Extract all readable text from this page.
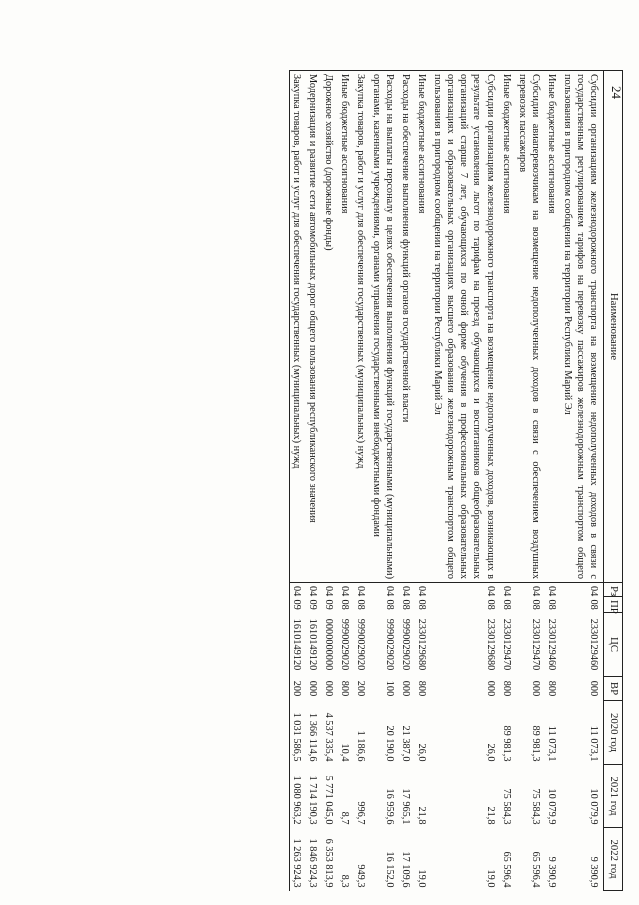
24
Наименование	Рз	ПР	ЦС	ВР	2020 год	2021 год	2022 год
Субсидии организациям железнодорожного транспорта на возмещение недополученных доходов в связи с государственным регулированием тарифов на перевозку пассажиров железнодорожным транспортом общего пользования в пригородном сообщении на территории Республики Марий Эл	04	08	2330129460	000	11 073,1	10 079,9	9 390,9
Иные бюджетные ассигнования	04	08	2330129460	800	11 073,1	10 079,9	9 390,9
Субсидии авиаперевозчикам на возмещение недополученных доходов в связи с обеспечением воздушных перевозок пассажиров	04	08	2330129470	000	89 981,3	75 584,3	65 596,4
Иные бюджетные ассигнования	04	08	2330129470	800	89 981,3	75 584,3	65 596,4
Субсидии организациям железнодорожного транспорта на возмещение недополученных доходов, возникающих в результате установления льгот по тарифам на проезд обучающихся и воспитанников общеобразовательных организаций старше 7 лет, обучающихся по очной форме обучения в профессиональных образовательных организациях и образовательных организациях высшего образования железнодорожным транспортом общего пользования в пригородном сообщении на территории Республики Марий Эл	04	08	2330129680	000	26,0	21,8	19,0
Иные бюджетные ассигнования	04	08	2330129680	800	26,0	21,8	19,0
Расходы на обеспечение выполнения функций органов государственной власти	04	08	9990029020	000	21 387,0	17 965,1	17 109,6
Расходы на выплаты персоналу в целях обеспечения выполнения функций государственными (муниципальными) органами, казенными учреждениями, органами управления государственными внебюджетными фондами	04	08	9990029020	100	20 190,0	16 959,6	16 152,0
Закупка товаров, работ и услуг для обеспечения государственных (муниципальных) нужд	04	08	9990029020	200	1 186,6	996,7	949,3
Иные бюджетные ассигнования	04	08	9990029020	800	10,4	8,7	8,3
Дорожное хозяйство (дорожные фонды)	04	09	0000000000	000	4 537 335,4	5 771 045,0	6 353 813,9
Модернизация и развитие сети автомобильных дорог общего пользования республиканского значения	04	09	1610149120	000	1 366 114,6	1 714 190,3	1 846 924,3
Закупка товаров, работ и услуг для обеспечения государственных (муниципальных) нужд	04	09	1610149120	200	1 031 586,5	1 080 963,2	1 263 924,3
